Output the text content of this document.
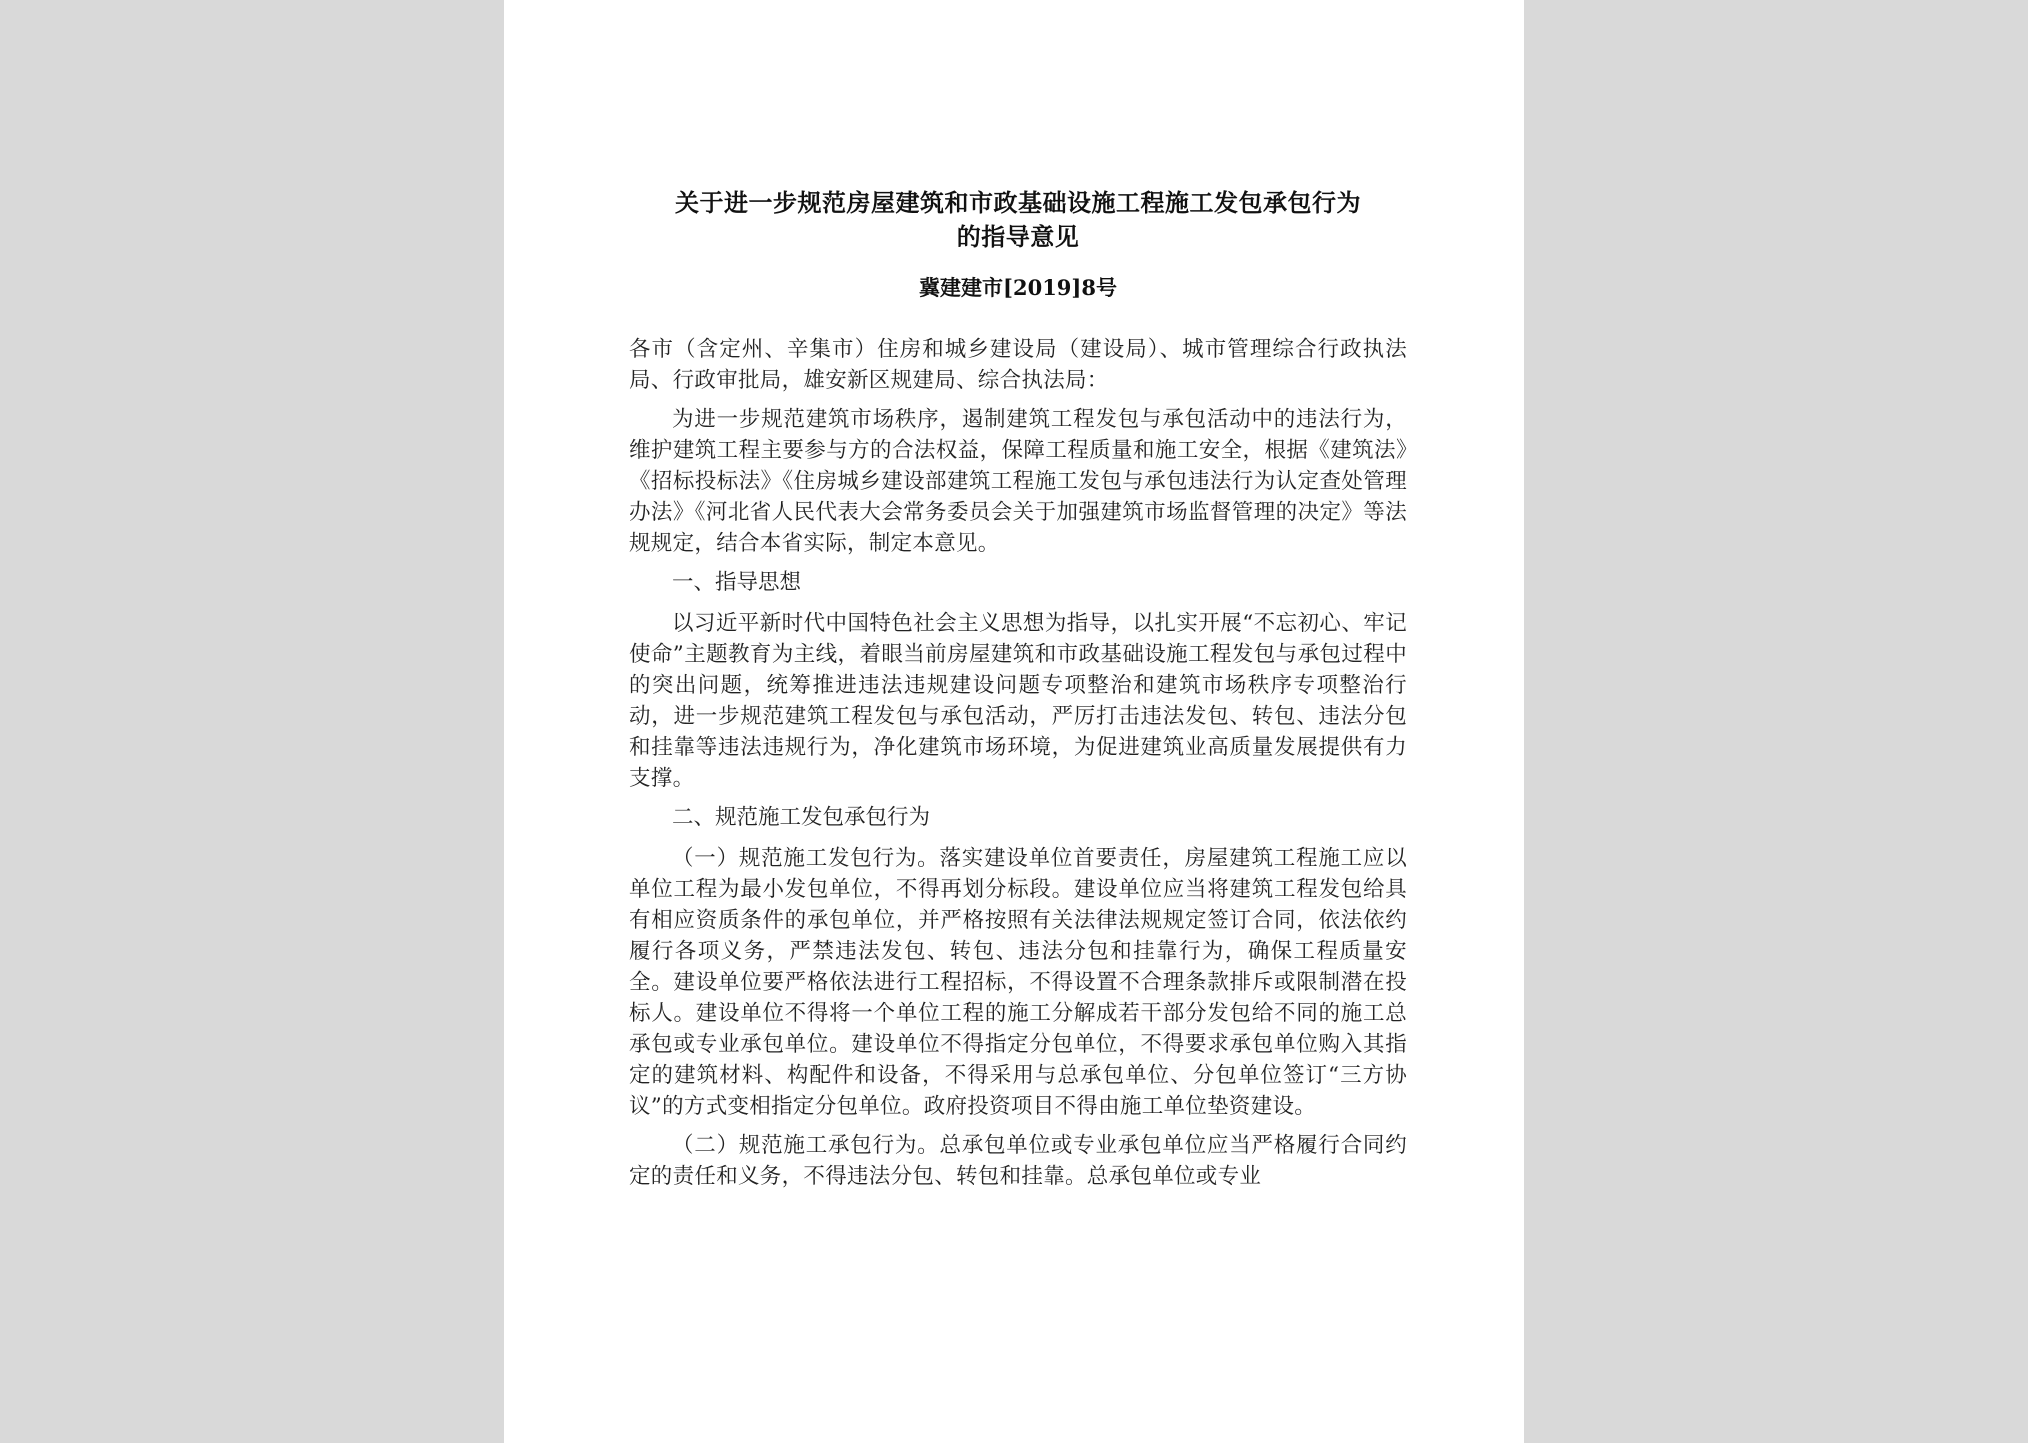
关于进一步规范房屋建筑和市政基础设施工程施工发包承包行为
的指导意见
冀建建市[2019]8号

各市（含定州、辛集市）住房和城乡建设局（建设局）、城市管理综合行政执法局、行政审批局，雄安新区规建局、综合执法局：

为进一步规范建筑市场秩序，遏制建筑工程发包与承包活动中的违法行为，维护建筑工程主要参与方的合法权益，保障工程质量和施工安全，根据《建筑法》《招标投标法》《住房城乡建设部建筑工程施工发包与承包违法行为认定查处管理办法》《河北省人民代表大会常务委员会关于加强建筑市场监督管理的决定》等法规规定，结合本省实际，制定本意见。

一、指导思想

以习近平新时代中国特色社会主义思想为指导，以扎实开展“不忘初心、牢记使命”主题教育为主线，着眼当前房屋建筑和市政基础设施工程发包与承包过程中的突出问题，统筹推进违法违规建设问题专项整治和建筑市场秩序专项整治行动，进一步规范建筑工程发包与承包活动，严厉打击违法发包、转包、违法分包和挂靠等违法违规行为，净化建筑市场环境，为促进建筑业高质量发展提供有力支撑。

二、规范施工发包承包行为

（一）规范施工发包行为。落实建设单位首要责任，房屋建筑工程施工应以单位工程为最小发包单位，不得再划分标段。建设单位应当将建筑工程发包给具有相应资质条件的承包单位，并严格按照有关法律法规规定签订合同，依法依约履行各项义务，严禁违法发包、转包、违法分包和挂靠行为，确保工程质量安全。建设单位要严格依法进行工程招标，不得设置不合理条款排斥或限制潜在投标人。建设单位不得将一个单位工程的施工分解成若干部分发包给不同的施工总承包或专业承包单位。建设单位不得指定分包单位，不得要求承包单位购入其指定的建筑材料、构配件和设备，不得采用与总承包单位、分包单位签订“三方协议”的方式变相指定分包单位。政府投资项目不得由施工单位垫资建设。

（二）规范施工承包行为。总承包单位或专业承包单位应当严格履行合同约定的责任和义务，不得违法分包、转包和挂靠。总承包单位或专业
